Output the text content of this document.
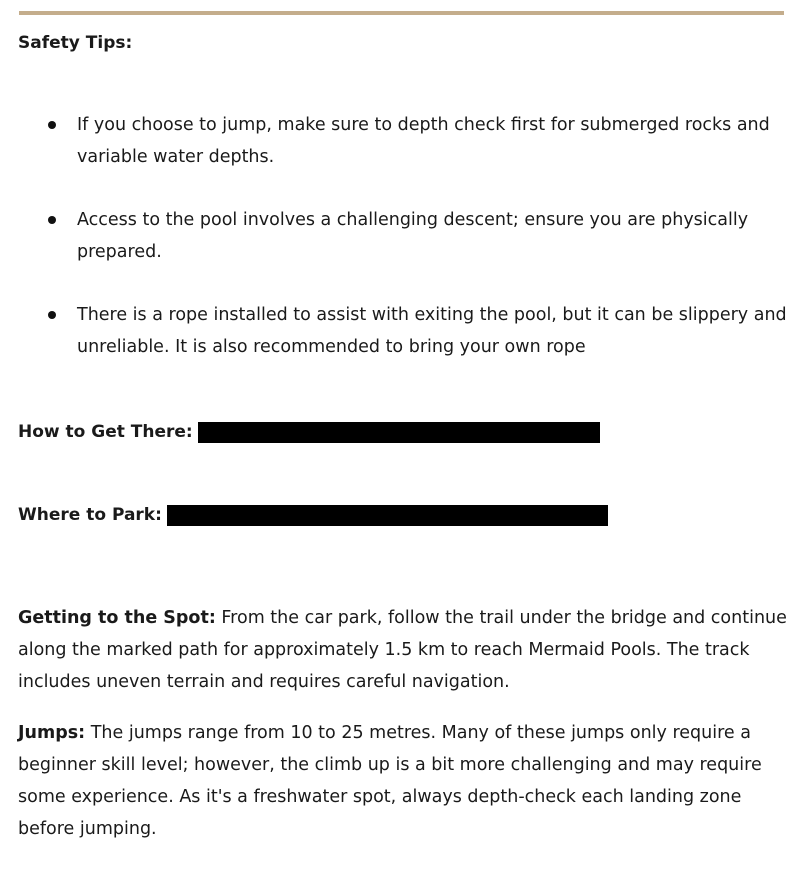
Safety Tips:

If you choose to jump, make sure to depth check first for submerged rocks and variable water depths.
Access to the pool involves a challenging descent; ensure you are physically prepared.
There is a rope installed to assist with exiting the pool, but it can be slippery and unreliable. It is also recommended to bring your own rope
How to Get There:
Where to Park:

Getting to the Spot: From the car park, follow the trail under the bridge and continue along the marked path for approximately 1.5 km to reach Mermaid Pools. The track includes uneven terrain and requires careful navigation.

Jumps: The jumps range from 10 to 25 metres. Many of these jumps only require a beginner skill level; however, the climb up is a bit more challenging and may require some experience. As it's a freshwater spot, always depth-check each landing zone before jumping.
